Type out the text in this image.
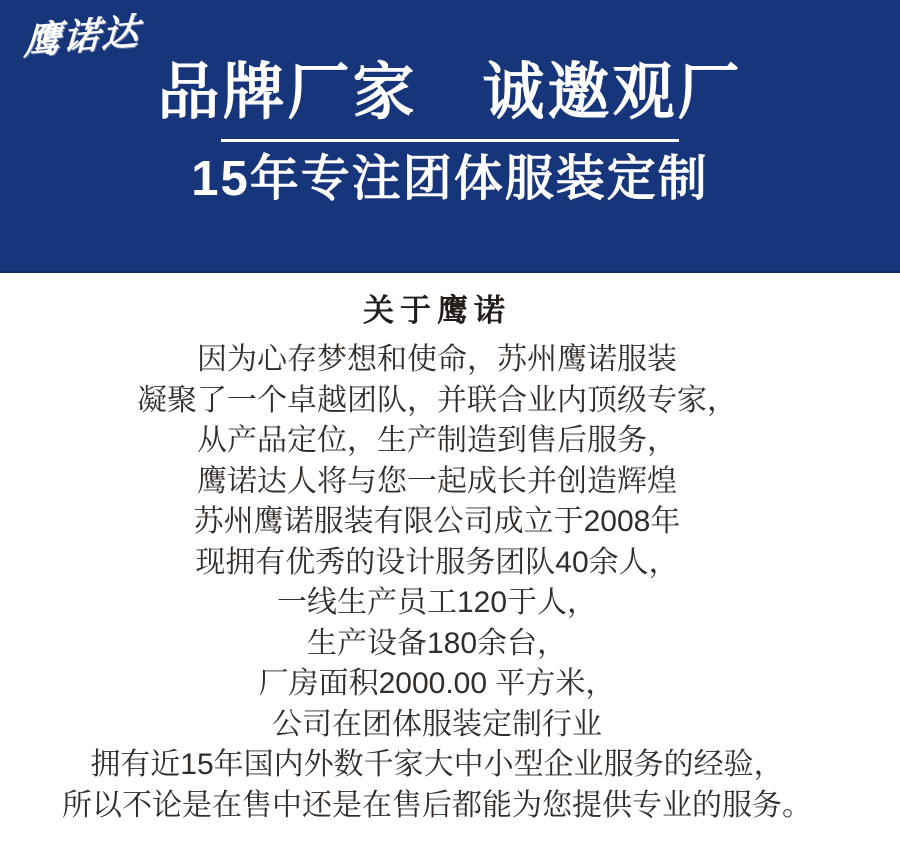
鹰诺达
品牌厂家　诚邀观厂
15年专注团体服装定制
关于鹰诺

因为心存梦想和使命，苏州鹰诺服装

凝聚了一个卓越团队，并联合业内顶级专家，

从产品定位，生产制造到售后服务，

鹰诺达人将与您一起成长并创造辉煌

苏州鹰诺服装有限公司成立于2008年

现拥有优秀的设计服务团队40余人，

一线生产员工120于人，

生产设备180余台，

厂房面积2000.00 平方米，

公司在团体服装定制行业

拥有近15年国内外数千家大中小型企业服务的经验，

所以不论是在售中还是在售后都能为您提供专业的服务。
